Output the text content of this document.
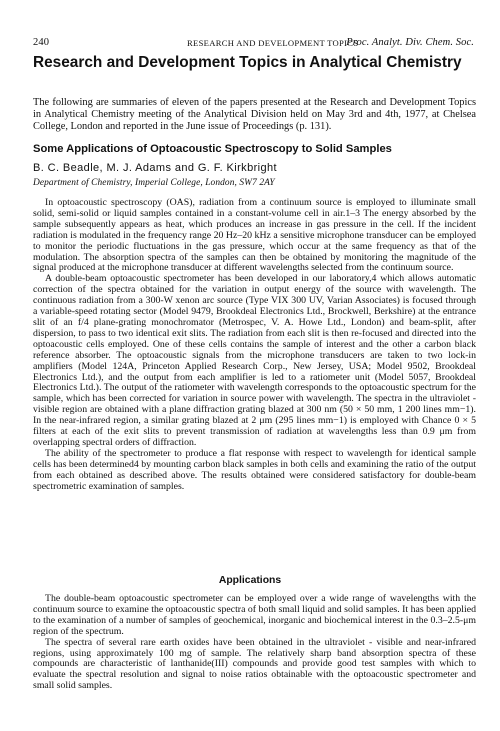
240	RESEARCH AND DEVELOPMENT TOPICS
Proc. Analyt. Div. Chem. Soc.
Research and Development Topics in Analytical Chemistry
The following are summaries of eleven of the papers presented at the Research and Development Topics in Analytical Chemistry meeting of the Analytical Division held on May 3rd and 4th, 1977, at Chelsea College, London and reported in the June issue of Proceedings (p. 131).
Some Applications of Optoacoustic Spectroscopy to Solid Samples
B. C. Beadle, M. J. Adams and G. F. Kirkbright
Department of Chemistry, Imperial College, London, SW7 2AY

In optoacoustic spectroscopy (OAS), radiation from a continuum source is employed to illuminate small solid, semi-solid or liquid samples contained in a constant-volume cell in air.1–3 The energy absorbed by the sample subsequently appears as heat, which produces an increase in gas pressure in the cell. If the incident radiation is modulated in the frequency range 20 Hz–20 kHz a sensitive microphone transducer can be employed to monitor the periodic fluctuations in the gas pressure, which occur at the same frequency as that of the modulation. The absorption spectra of the samples can then be obtained by monitoring the magnitude of the signal produced at the microphone transducer at different wavelengths selected from the continuum source.

A double-beam optoacoustic spectrometer has been developed in our laboratory,4 which allows automatic correction of the spectra obtained for the variation in output energy of the source with wavelength. The continuous radiation from a 300-W xenon arc source (Type VIX 300 UV, Varian Associates) is focused through a variable-speed rotating sector (Model 9479, Brookdeal Electronics Ltd., Brockwell, Berkshire) at the entrance slit of an f/4 plane-grating monochromator (Metrospec, V. A. Howe Ltd., London) and beam-split, after dispersion, to pass to two identical exit slits. The radiation from each slit is then re-focused and directed into the optoacoustic cells employed. One of these cells contains the sample of interest and the other a carbon black reference absorber. The optoacoustic signals from the microphone transducers are taken to two lock-in amplifiers (Model 124A, Princeton Applied Research Corp., New Jersey, USA; Model 9502, Brookdeal Electronics Ltd.), and the output from each amplifier is led to a ratiometer unit (Model 5057, Brookdeal Electronics Ltd.). The output of the ratiometer with wavelength corresponds to the optoacoustic spectrum for the sample, which has been corrected for variation in source power with wavelength. The spectra in the ultraviolet - visible region are obtained with a plane diffraction grating blazed at 300 nm (50 × 50 mm, 1 200 lines mm−1). In the near-infrared region, a similar grating blazed at 2 μm (295 lines mm−1) is employed with Chance 0 × 5 filters at each of the exit slits to prevent transmission of radiation at wavelengths less than 0.9 μm from overlapping spectral orders of diffraction.

The ability of the spectrometer to produce a flat response with respect to wavelength for identical sample cells has been determined4 by mounting carbon black samples in both cells and examining the ratio of the output from each obtained as described above. The results obtained were considered satisfactory for double-beam spectrometric examination of samples.

Applications

The double-beam optoacoustic spectrometer can be employed over a wide range of wavelengths with the continuum source to examine the optoacoustic spectra of both small liquid and solid samples. It has been applied to the examination of a number of samples of geochemical, inorganic and biochemical interest in the 0.3–2.5-μm region of the spectrum.

The spectra of several rare earth oxides have been obtained in the ultraviolet - visible and near-infrared regions, using approximately 100 mg of sample. The relatively sharp band absorption spectra of these compounds are characteristic of lanthanide(III) compounds and provide good test samples with which to evaluate the spectral resolution and signal to noise ratios obtainable with the optoacoustic spectrometer and small solid samples.
